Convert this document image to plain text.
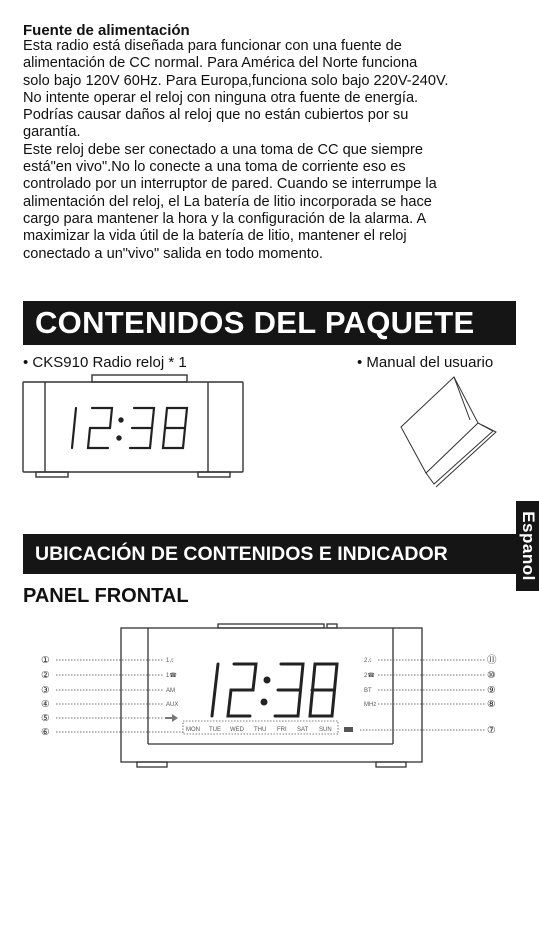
Fuente de alimentación

Esta radio está diseñada para funcionar con una fuente de

alimentación de CC normal. Para América del Norte funciona

solo bajo 120V 60Hz. Para Europa,funciona solo bajo 220V-240V.

No intente operar el reloj con ninguna otra fuente de energía.

Podrías causar daños al reloj que no están cubiertos por su

garantía.

Este reloj debe ser conectado a una toma de CC que siempre

está"en vivo".No lo conecte a una toma de corriente eso es

controlado por un interruptor de pared. Cuando se interrumpe la

alimentación del reloj, el La batería de litio incorporada se hace

cargo para mantener la hora y la configuración de la alarma. A

maximizar la vida útil de la batería de litio, mantener el reloj

conectado a un"vivo" salida en todo momento.

CONTENIDOS DEL PAQUETE
• CKS910 Radio reloj * 1	• Manual del usuario
Espanol
UBICACIÓN DE CONTENIDOS E INDICADOR
PANEL FRONTAL
①
②
③
④
⑤
⑥
⑪
⑩
⑨
⑧
⑦
1♫
1☎
AM
AUX
2♫
2☎
BT
MHz
MON TUE WED THU FRI SAT SUN
